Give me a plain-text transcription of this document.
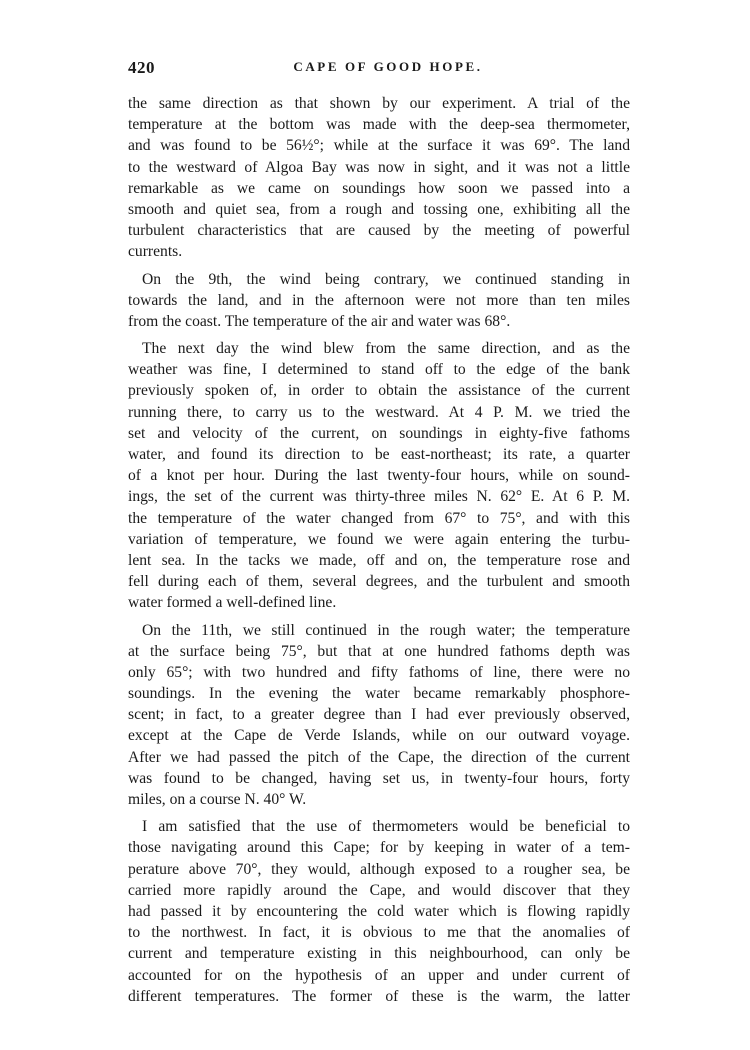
420	CAPE OF GOOD HOPE.
the same direction as that shown by our experiment. A trial of the
temperature at the bottom was made with the deep-sea thermometer,
and was found to be 56½°; while at the surface it was 69°. The land
to the westward of Algoa Bay was now in sight, and it was not a little
remarkable as we came on soundings how soon we passed into a
smooth and quiet sea, from a rough and tossing one, exhibiting all the
turbulent characteristics that are caused by the meeting of powerful
currents.
On the 9th, the wind being contrary, we continued standing in
towards the land, and in the afternoon were not more than ten miles
from the coast. The temperature of the air and water was 68°.
The next day the wind blew from the same direction, and as the
weather was fine, I determined to stand off to the edge of the bank
previously spoken of, in order to obtain the assistance of the current
running there, to carry us to the westward. At 4 P. M. we tried the
set and velocity of the current, on soundings in eighty-five fathoms
water, and found its direction to be east-northeast; its rate, a quarter
of a knot per hour. During the last twenty-four hours, while on sound-
ings, the set of the current was thirty-three miles N. 62° E. At 6 P. M.
the temperature of the water changed from 67° to 75°, and with this
variation of temperature, we found we were again entering the turbu-
lent sea. In the tacks we made, off and on, the temperature rose and
fell during each of them, several degrees, and the turbulent and smooth
water formed a well-defined line.
On the 11th, we still continued in the rough water; the temperature
at the surface being 75°, but that at one hundred fathoms depth was
only 65°; with two hundred and fifty fathoms of line, there were no
soundings. In the evening the water became remarkably phosphore-
scent; in fact, to a greater degree than I had ever previously observed,
except at the Cape de Verde Islands, while on our outward voyage.
After we had passed the pitch of the Cape, the direction of the current
was found to be changed, having set us, in twenty-four hours, forty
miles, on a course N. 40° W.
I am satisfied that the use of thermometers would be beneficial to
those navigating around this Cape; for by keeping in water of a tem-
perature above 70°, they would, although exposed to a rougher sea, be
carried more rapidly around the Cape, and would discover that they
had passed it by encountering the cold water which is flowing rapidly
to the northwest. In fact, it is obvious to me that the anomalies of
current and temperature existing in this neighbourhood, can only be
accounted for on the hypothesis of an upper and under current of
different temperatures. The former of these is the warm, the latter
